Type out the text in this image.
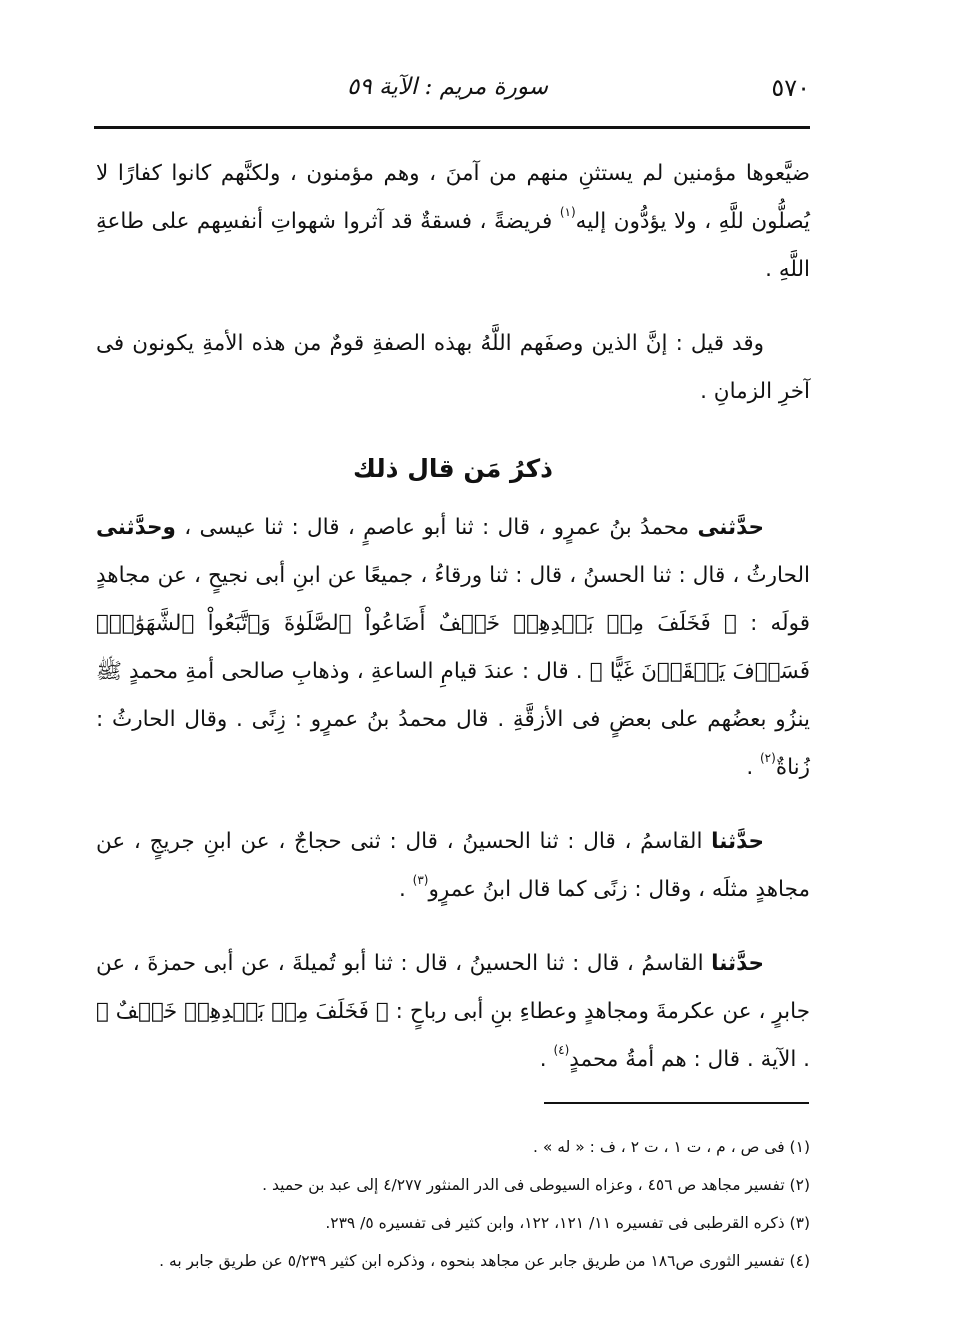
٥٧٠
سورة مريم : الآية ٥٩

ضيَّعوها مؤمنين لم يستثنِ منهم من آمنَ ، وهم مؤمنون ، ولكنَّهم كانوا كفارًا لا يُصلُّون للَّهِ ، ولا يؤدُّون إليه$^{(١)}$ فريضةً ، فسقةٌ قد آثروا شهواتِ أنفسِهم على طاعةِ اللَّهِ .

وقد قيل : إنَّ الذين وصفَهم اللَّهُ بهذه الصفةِ قومٌ من هذه الأمةِ يكونون فى آخرِ الزمانِ .

ذكرُ مَن قال ذلك

حدَّثنى محمدُ بنُ عمرٍو ، قال : ثنا أبو عاصمٍ ، قال : ثنا عيسى ، وحدَّثنى الحارثُ ، قال : ثنا الحسنُ ، قال : ثنا ورقاءُ ، جميعًا عن ابنِ أبى نجيحٍ ، عن مجاهدٍ قولَه : ﴿ فَخَلَفَ مِنۢ بَعۡدِهِمۡ خَلۡفٌ أَضَاعُواْ ٱلصَّلَوٰةَ وَٱتَّبَعُواْ ٱلشَّهَوَٰتِۖ فَسَوۡفَ يَلۡقَوۡنَ غَيًّا ﴾ . قال : عندَ قيامِ الساعةِ ، وذهابِ صالحى أمةِ محمدٍ ﷺ ينزُو بعضُهم على بعضٍ فى الأزقَّةِ . قال محمدُ بنُ عمرٍو : زِنًى . وقال الحارثُ : زُناةٌ$^{(٢)}$ .

حدَّثنا القاسمُ ، قال : ثنا الحسينُ ، قال : ثنى حجاجٌ ، عن ابنِ جريجٍ ، عن مجاهدٍ مثلَه ، وقال : زنًى كما قال ابنُ عمرٍو$^{(٣)}$ .

حدَّثنا القاسمُ ، قال : ثنا الحسينُ ، قال : ثنا أبو تُميلةَ ، عن أبى حمزةَ ، عن جابرٍ ، عن عكرمةَ ومجاهدٍ وعطاءِ بنِ أبى رباحٍ : ﴿ فَخَلَفَ مِنۢ بَعۡدِهِمۡ خَلۡفٌ ﴾ . الآية . قال : هم أمةُ محمدٍ$^{(٤)}$ .

(١) فى ص ، م ، ت ١ ، ت ٢ ، ف : « له » .
(٢) تفسير مجاهد ص ٤٥٦ ، وعزاه السيوطى فى الدر المنثور ٤/٢٧٧ إلى عبد بن حميد .
(٣) ذكره القرطبى فى تفسيره ١١/ ١٢١، ١٢٢، وابن كثير فى تفسيره ٥/ ٢٣٩.
(٤) تفسير الثورى ص١٨٦ من طريق جابر عن مجاهد بنحوه ، وذكره ابن كثير ٥/٢٣٩ عن طريق جابر به .
